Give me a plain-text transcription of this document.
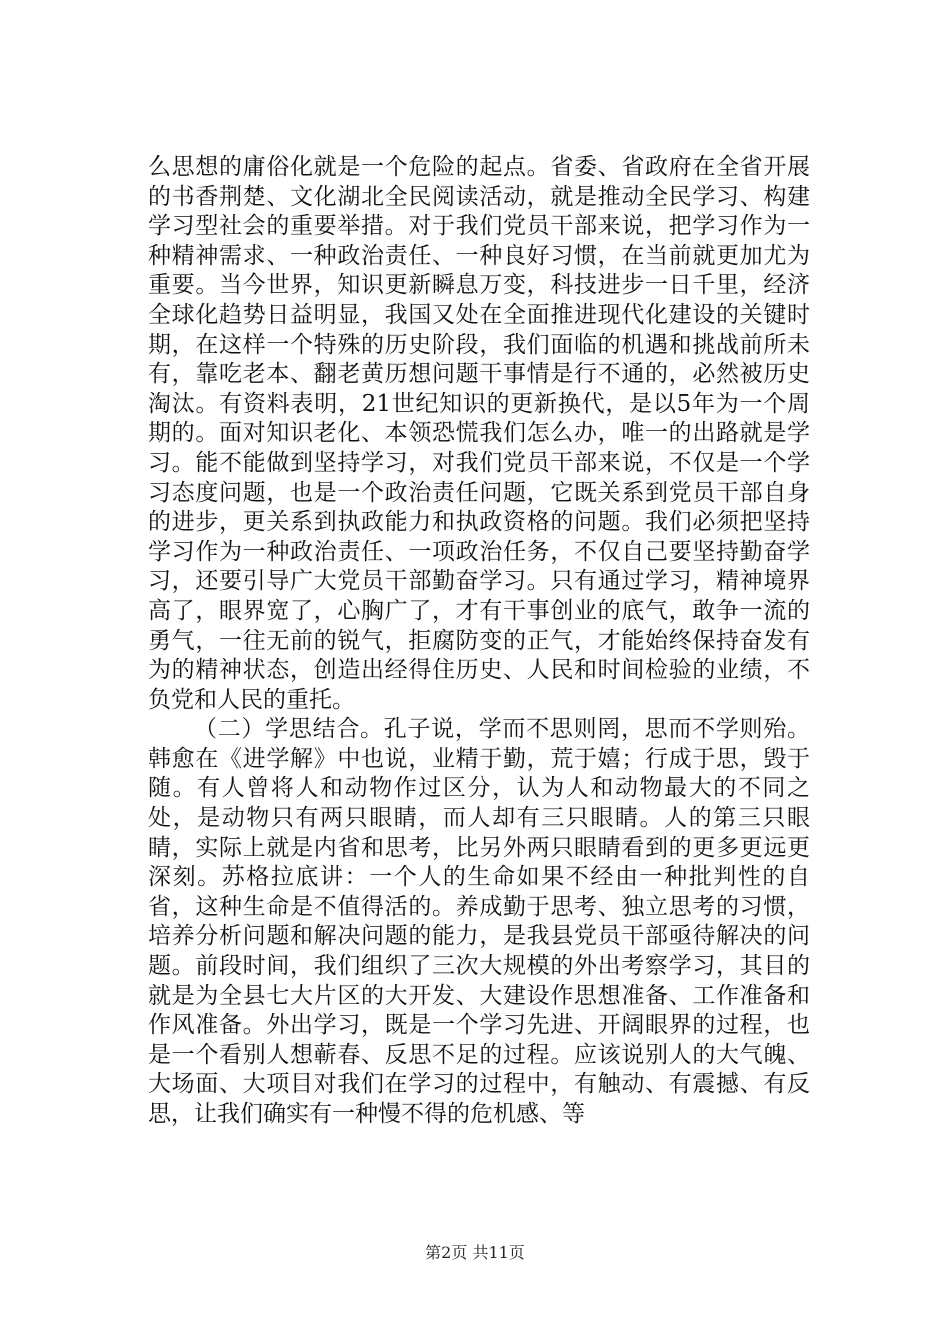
么思想的庸俗化就是一个危险的起点。省委、省政府在全省开展的书香荆楚、文化湖北全民阅读活动，就是推动全民学习、构建学习型社会的重要举措。对于我们党员干部来说，把学习作为一种精神需求、一种政治责任、一种良好习惯，在当前就更加尤为重要。当今世界，知识更新瞬息万变，科技进步一日千里，经济全球化趋势日益明显，我国又处在全面推进现代化建设的关键时期，在这样一个特殊的历史阶段，我们面临的机遇和挑战前所未有，靠吃老本、翻老黄历想问题干事情是行不通的，必然被历史淘汰。有资料表明，21世纪知识的更新换代，是以5年为一个周期的。面对知识老化、本领恐慌我们怎么办，唯一的出路就是学习。能不能做到坚持学习，对我们党员干部来说，不仅是一个学习态度问题，也是一个政治责任问题，它既关系到党员干部自身的进步，更关系到执政能力和执政资格的问题。我们必须把坚持学习作为一种政治责任、一项政治任务，不仅自己要坚持勤奋学习，还要引导广大党员干部勤奋学习。只有通过学习，精神境界高了，眼界宽了，心胸广了，才有干事创业的底气，敢争一流的勇气，一往无前的锐气，拒腐防变的正气，才能始终保持奋发有为的精神状态，创造出经得住历史、人民和时间检验的业绩，不负党和人民的重托。

（二）学思结合。孔子说，学而不思则罔，思而不学则殆。韩愈在《进学解》中也说，业精于勤，荒于嬉；行成于思，毁于随。有人曾将人和动物作过区分，认为人和动物最大的不同之处，是动物只有两只眼睛，而人却有三只眼睛。人的第三只眼睛，实际上就是内省和思考，比另外两只眼睛看到的更多更远更深刻。苏格拉底讲：一个人的生命如果不经由一种批判性的自省，这种生命是不值得活的。养成勤于思考、独立思考的习惯，培养分析问题和解决问题的能力，是我县党员干部亟待解决的问题。前段时间，我们组织了三次大规模的外出考察学习，其目的就是为全县七大片区的大开发、大建设作思想准备、工作准备和作风准备。外出学习，既是一个学习先进、开阔眼界的过程，也是一个看别人想蕲春、反思不足的过程。应该说别人的大气魄、大场面、大项目对我们在学习的过程中，有触动、有震撼、有反思，让我们确实有一种慢不得的危机感、等

第2页 共11页
